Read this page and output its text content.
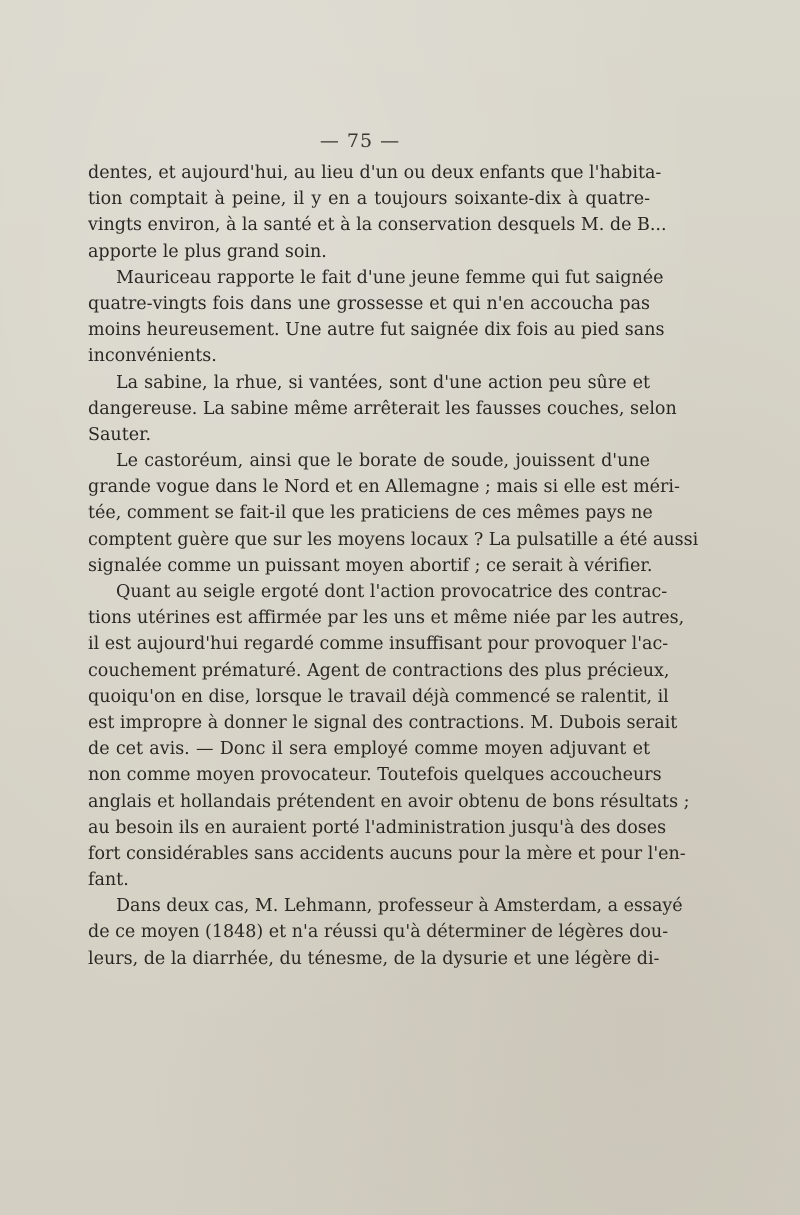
— 75 —
dentes, et aujourd'hui, au lieu d'un ou deux enfants que l'habita-
tion comptait à peine, il y en a toujours soixante-dix à quatre-
vingts environ, à la santé et à la conservation desquels M. de B...
apporte le plus grand soin.
Mauriceau rapporte le fait d'une jeune femme qui fut saignée
quatre-vingts fois dans une grossesse et qui n'en accoucha pas
moins heureusement. Une autre fut saignée dix fois au pied sans
inconvénients.
La sabine, la rhue, si vantées, sont d'une action peu sûre et
dangereuse. La sabine même arrêterait les fausses couches, selon
Sauter.
Le castoréum, ainsi que le borate de soude, jouissent d'une
grande vogue dans le Nord et en Allemagne ; mais si elle est méri-
tée, comment se fait-il que les praticiens de ces mêmes pays ne
comptent guère que sur les moyens locaux ? La pulsatille a été aussi
signalée comme un puissant moyen abortif ; ce serait à vérifier.
Quant au seigle ergoté dont l'action provocatrice des contrac-
tions utérines est affirmée par les uns et même niée par les autres,
il est aujourd'hui regardé comme insuffisant pour provoquer l'ac-
couchement prématuré. Agent de contractions des plus précieux,
quoiqu'on en dise, lorsque le travail déjà commencé se ralentit, il
est impropre à donner le signal des contractions. M. Dubois serait
de cet avis. — Donc il sera employé comme moyen adjuvant et
non comme moyen provocateur. Toutefois quelques accoucheurs
anglais et hollandais prétendent en avoir obtenu de bons résultats ;
au besoin ils en auraient porté l'administration jusqu'à des doses
fort considérables sans accidents aucuns pour la mère et pour l'en-
fant.
Dans deux cas, M. Lehmann, professeur à Amsterdam, a essayé
de ce moyen (1848) et n'a réussi qu'à déterminer de légères dou-
leurs, de la diarrhée, du ténesme, de la dysurie et une légère di-
